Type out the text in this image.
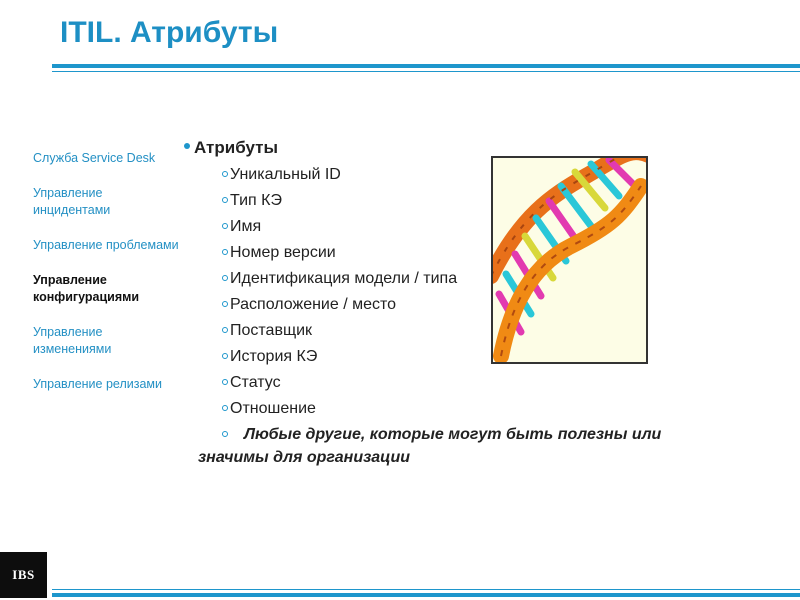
ITIL. Атрибуты
Служба Service Desk
Управление инцидентами
Управление проблемами
Управление конфигурациями
Управление изменениями
Управление релизами
Атрибуты
Уникальный ID
Тип КЭ
Имя
Номер версии
Идентификация модели / типа
Расположение / место
Поставщик
История КЭ
Статус
Отношение
Любые другие, которые могут быть полезны или значимы для организации
IBS
